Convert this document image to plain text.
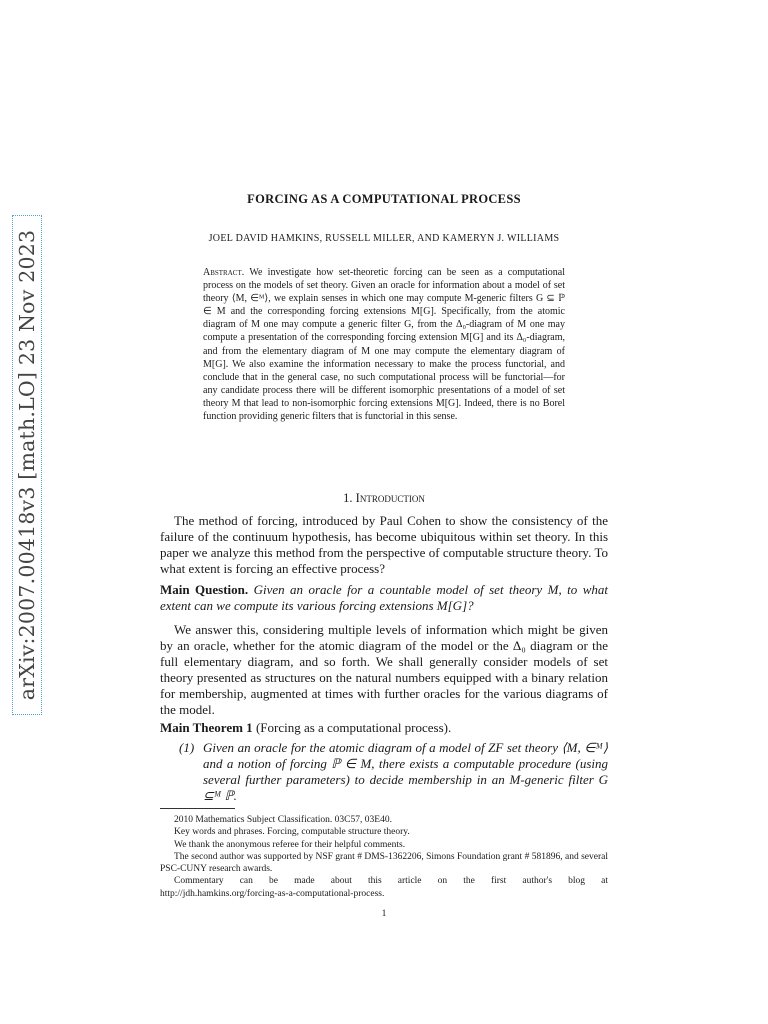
arXiv:2007.00418v3 [math.LO] 23 Nov 2023
FORCING AS A COMPUTATIONAL PROCESS
JOEL DAVID HAMKINS, RUSSELL MILLER, AND KAMERYN J. WILLIAMS
Abstract. We investigate how set-theoretic forcing can be seen as a computational process on the models of set theory. Given an oracle for information about a model of set theory ⟨M, ∈ᴹ⟩, we explain senses in which one may compute M-generic filters G ⊆ ℙ ∈ M and the corresponding forcing extensions M[G]. Specifically, from the atomic diagram of M one may compute a generic filter G, from the Δ₀-diagram of M one may compute a presentation of the corresponding forcing extension M[G] and its Δ₀-diagram, and from the elementary diagram of M one may compute the elementary diagram of M[G]. We also examine the information necessary to make the process functorial, and conclude that in the general case, no such computational process will be functorial—for any candidate process there will be different isomorphic presentations of a model of set theory M that lead to non-isomorphic forcing extensions M[G]. Indeed, there is no Borel function providing generic filters that is functorial in this sense.
1. Introduction
The method of forcing, introduced by Paul Cohen to show the consistency of the failure of the continuum hypothesis, has become ubiquitous within set theory. In this paper we analyze this method from the perspective of computable structure theory. To what extent is forcing an effective process?
Main Question. Given an oracle for a countable model of set theory M, to what extent can we compute its various forcing extensions M[G]?
We answer this, considering multiple levels of information which might be given by an oracle, whether for the atomic diagram of the model or the Δ₀ diagram or the full elementary diagram, and so forth. We shall generally consider models of set theory presented as structures on the natural numbers equipped with a binary relation for membership, augmented at times with further oracles for the various diagrams of the model.
Main Theorem 1 (Forcing as a computational process).
(1) Given an oracle for the atomic diagram of a model of ZF set theory ⟨M, ∈ᴹ⟩ and a notion of forcing ℙ ∈ M, there exists a computable procedure (using several further parameters) to decide membership in an M-generic filter G ⊆ᴹ ℙ.

2010 Mathematics Subject Classification. 03C57, 03E40.

Key words and phrases. Forcing, computable structure theory.

We thank the anonymous referee for their helpful comments.

The second author was supported by NSF grant # DMS-1362206, Simons Foundation grant # 581896, and several PSC-CUNY research awards.

Commentary can be made about this article on the first author's blog at

http://jdh.hamkins.org/forcing-as-a-computational-process.

1
